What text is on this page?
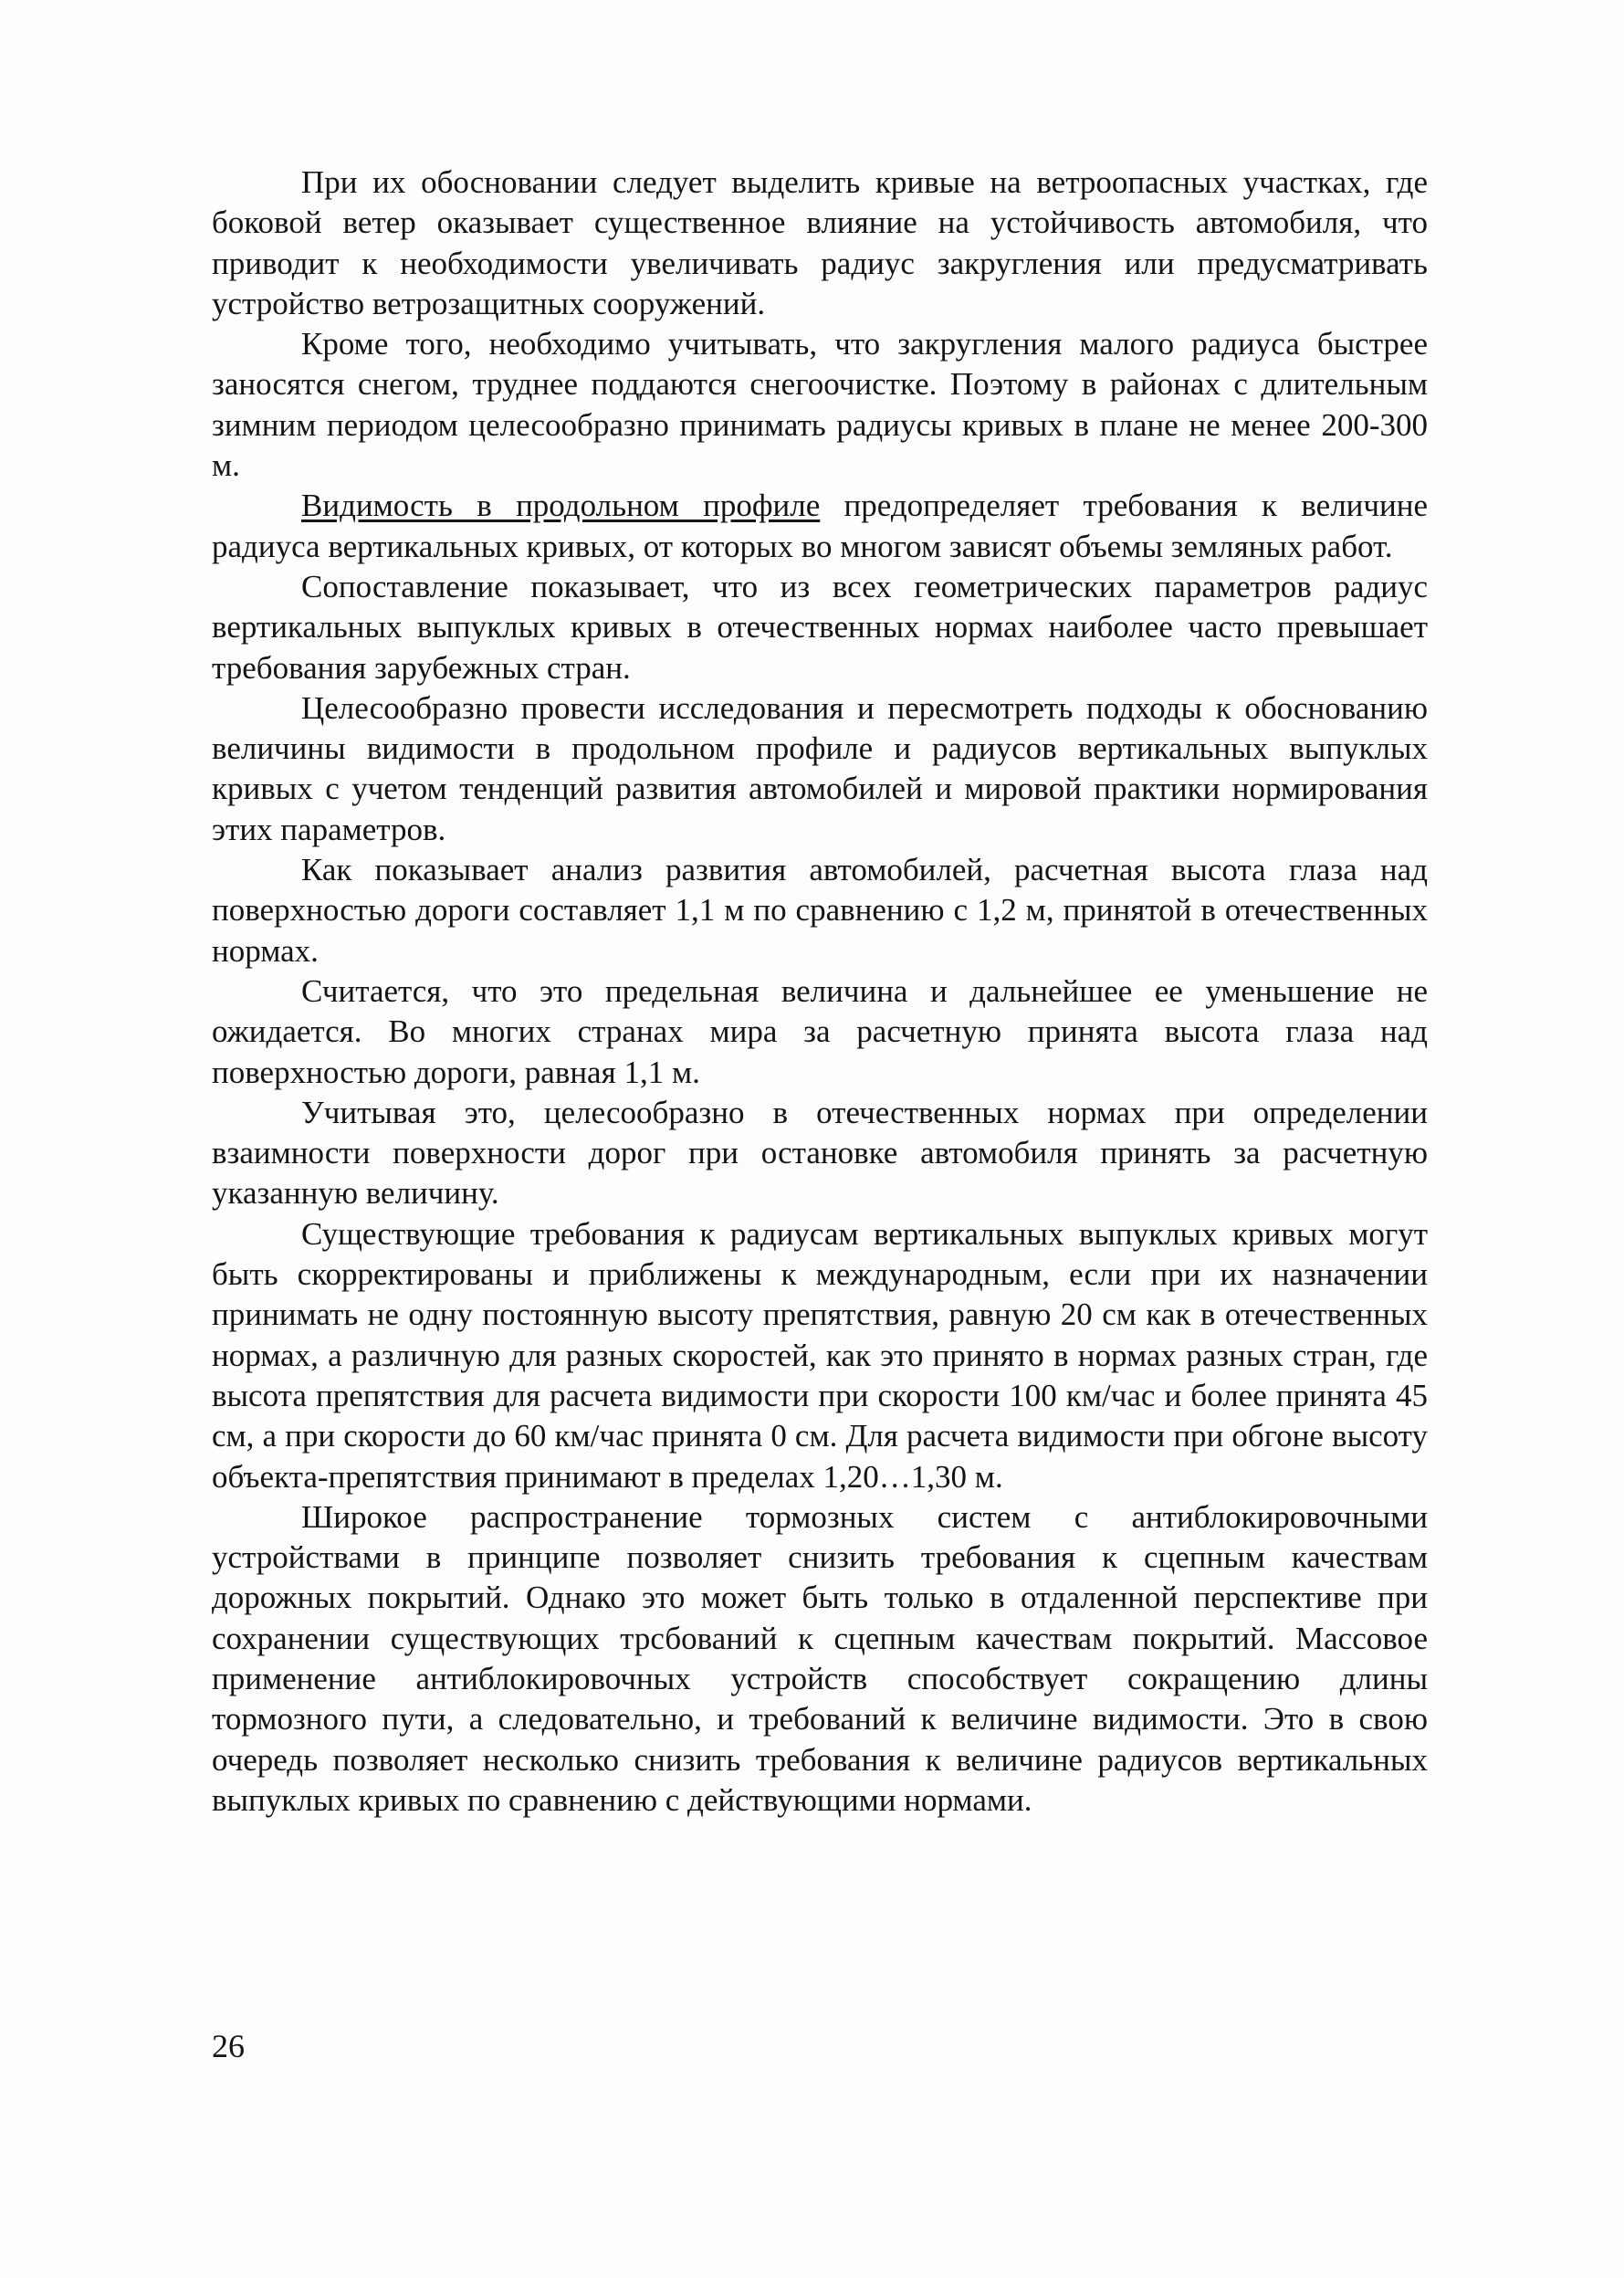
При их обосновании следует выделить кривые на ветроопасных участках, где боковой ветер оказывает существенное влияние на устойчивость автомобиля, что приводит к необходимости увеличивать радиус закругления или предусматривать устройство ветрозащитных сооружений.

Кроме того, необходимо учитывать, что закругления малого радиуса быстрее заносятся снегом, труднее поддаются снегоочистке. Поэтому в районах с длительным зимним периодом целесообразно принимать радиусы кривых в плане не менее 200-300 м.

Видимость в продольном профиле предопределяет требования к величине радиуса вертикальных кривых, от которых во многом зависят объемы земляных работ.

Сопоставление показывает, что из всех геометрических параметров радиус вертикальных выпуклых кривых в отечественных нормах наиболее часто превышает требования зарубежных стран.

Целесообразно провести исследования и пересмотреть подходы к обоснованию величины видимости в продольном профиле и радиусов вертикальных выпуклых кривых с учетом тенденций развития автомобилей и мировой практики нормирования этих параметров.

Как показывает анализ развития автомобилей, расчетная высота глаза над поверхностью дороги составляет 1,1 м по сравнению с 1,2 м, принятой в отечественных нормах.

Считается, что это предельная величина и дальнейшее ее уменьшение не ожидается. Во многих странах мира за расчетную принята высота глаза над поверхностью дороги, равная 1,1 м.

Учитывая это, целесообразно в отечественных нормах при определении взаимности поверхности дорог при остановке автомобиля принять за расчетную указанную величину.

Существующие требования к радиусам вертикальных выпуклых кривых могут быть скорректированы и приближены к международным, если при их назначении принимать не одну постоянную высоту препятствия, равную 20 см как в отечественных нормах, а различную для разных скоростей, как это принято в нормах разных стран, где высота препятствия для расчета видимости при скорости 100 км/час и более принята 45 см, а при скорости до 60 км/час принята 0 см. Для расчета видимости при обгоне высоту объекта-препятствия принимают в пределах 1,20…1,30 м.

Широкое распространение тормозных систем с антиблокировочными устройствами в принципе позволяет снизить требования к сцепным качествам дорожных покрытий. Однако это может быть только в отдаленной перспективе при сохранении существующих трсбований к сцепным качествам покрытий. Массовое применение антиблокировочных устройств способствует сокращению длины тормозного пути, а следовательно, и требований к величине видимости. Это в свою очередь позволяет несколько снизить требования к величине радиусов вертикальных выпуклых кривых по сравнению с действующими нормами.

26
